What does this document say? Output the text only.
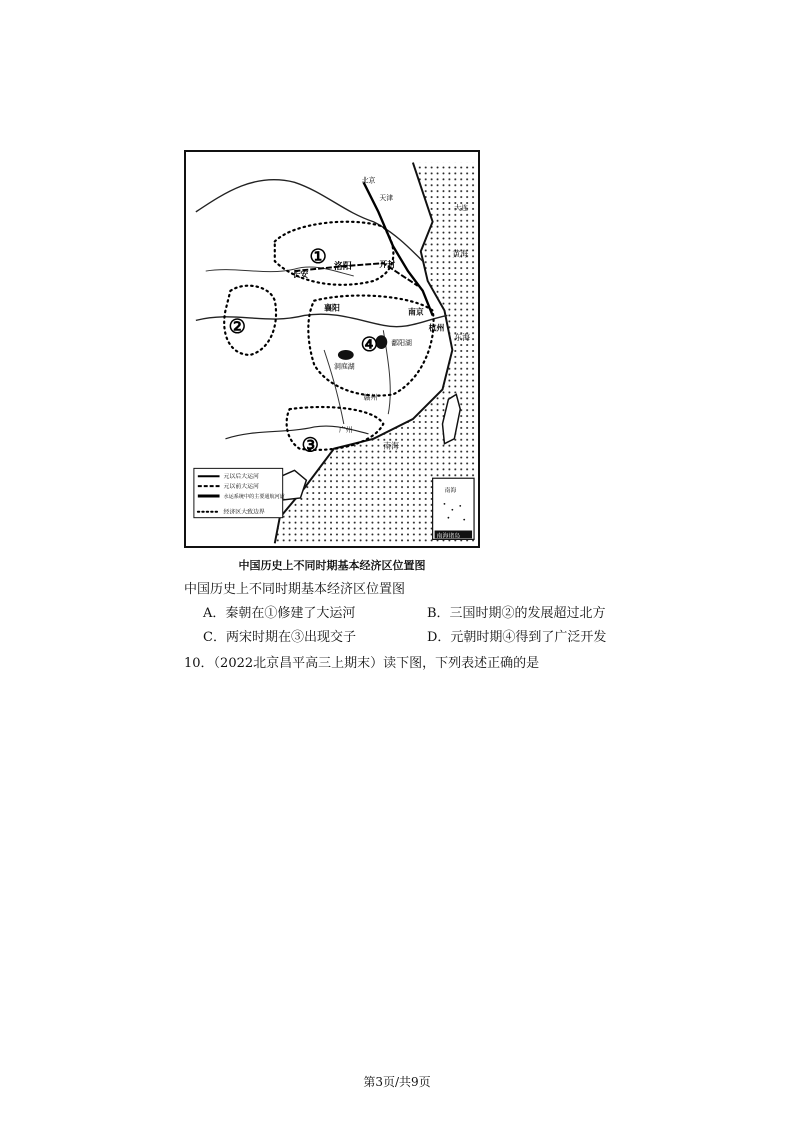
①
②
③
④
北京
天津
洛阳
长安
开封
南京
杭州
广州
赣州
襄阳
洞庭湖
鄱阳湖
大连
黄海
东海
南海
元以后大运河
元以前大运河
水运系统中的主要通航河道
经济区大致边界
南海
南海诸岛
中国历史上不同时期基本经济区位置图
中国历史上不同时期基本经济区位置图
A．秦朝在①修建了大运河	B．三国时期②的发展超过北方
C．两宋时期在③出现交子	D．元朝时期④得到了广泛开发
10．（2022北京昌平高三上期末）读下图，下列表述正确的是
第3页/共9页
